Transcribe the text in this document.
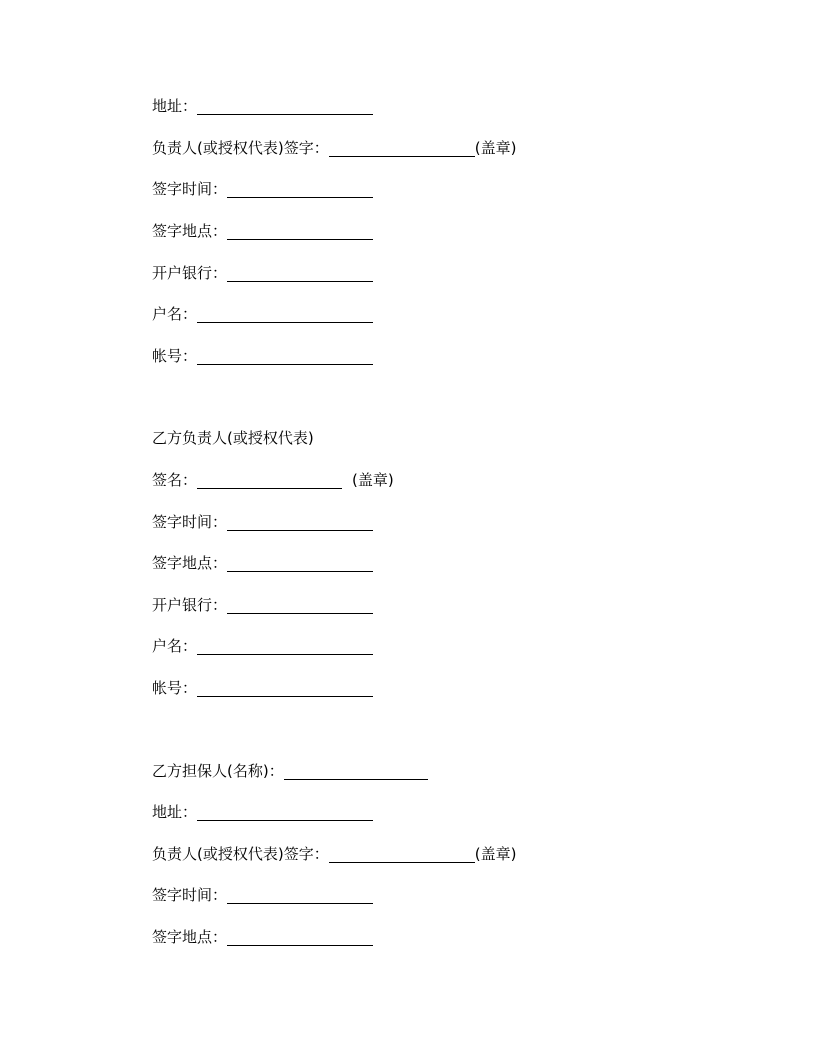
地址：
负责人(或授权代表)签字：	(盖章)
签字时间：
签字地点：
开户银行：
户名：
帐号：
乙方负责人(或授权代表)
签名：	(盖章)
签字时间：
签字地点：
开户银行：
户名：
帐号：
乙方担保人(名称)：
地址：
负责人(或授权代表)签字：	(盖章)
签字时间：
签字地点：
